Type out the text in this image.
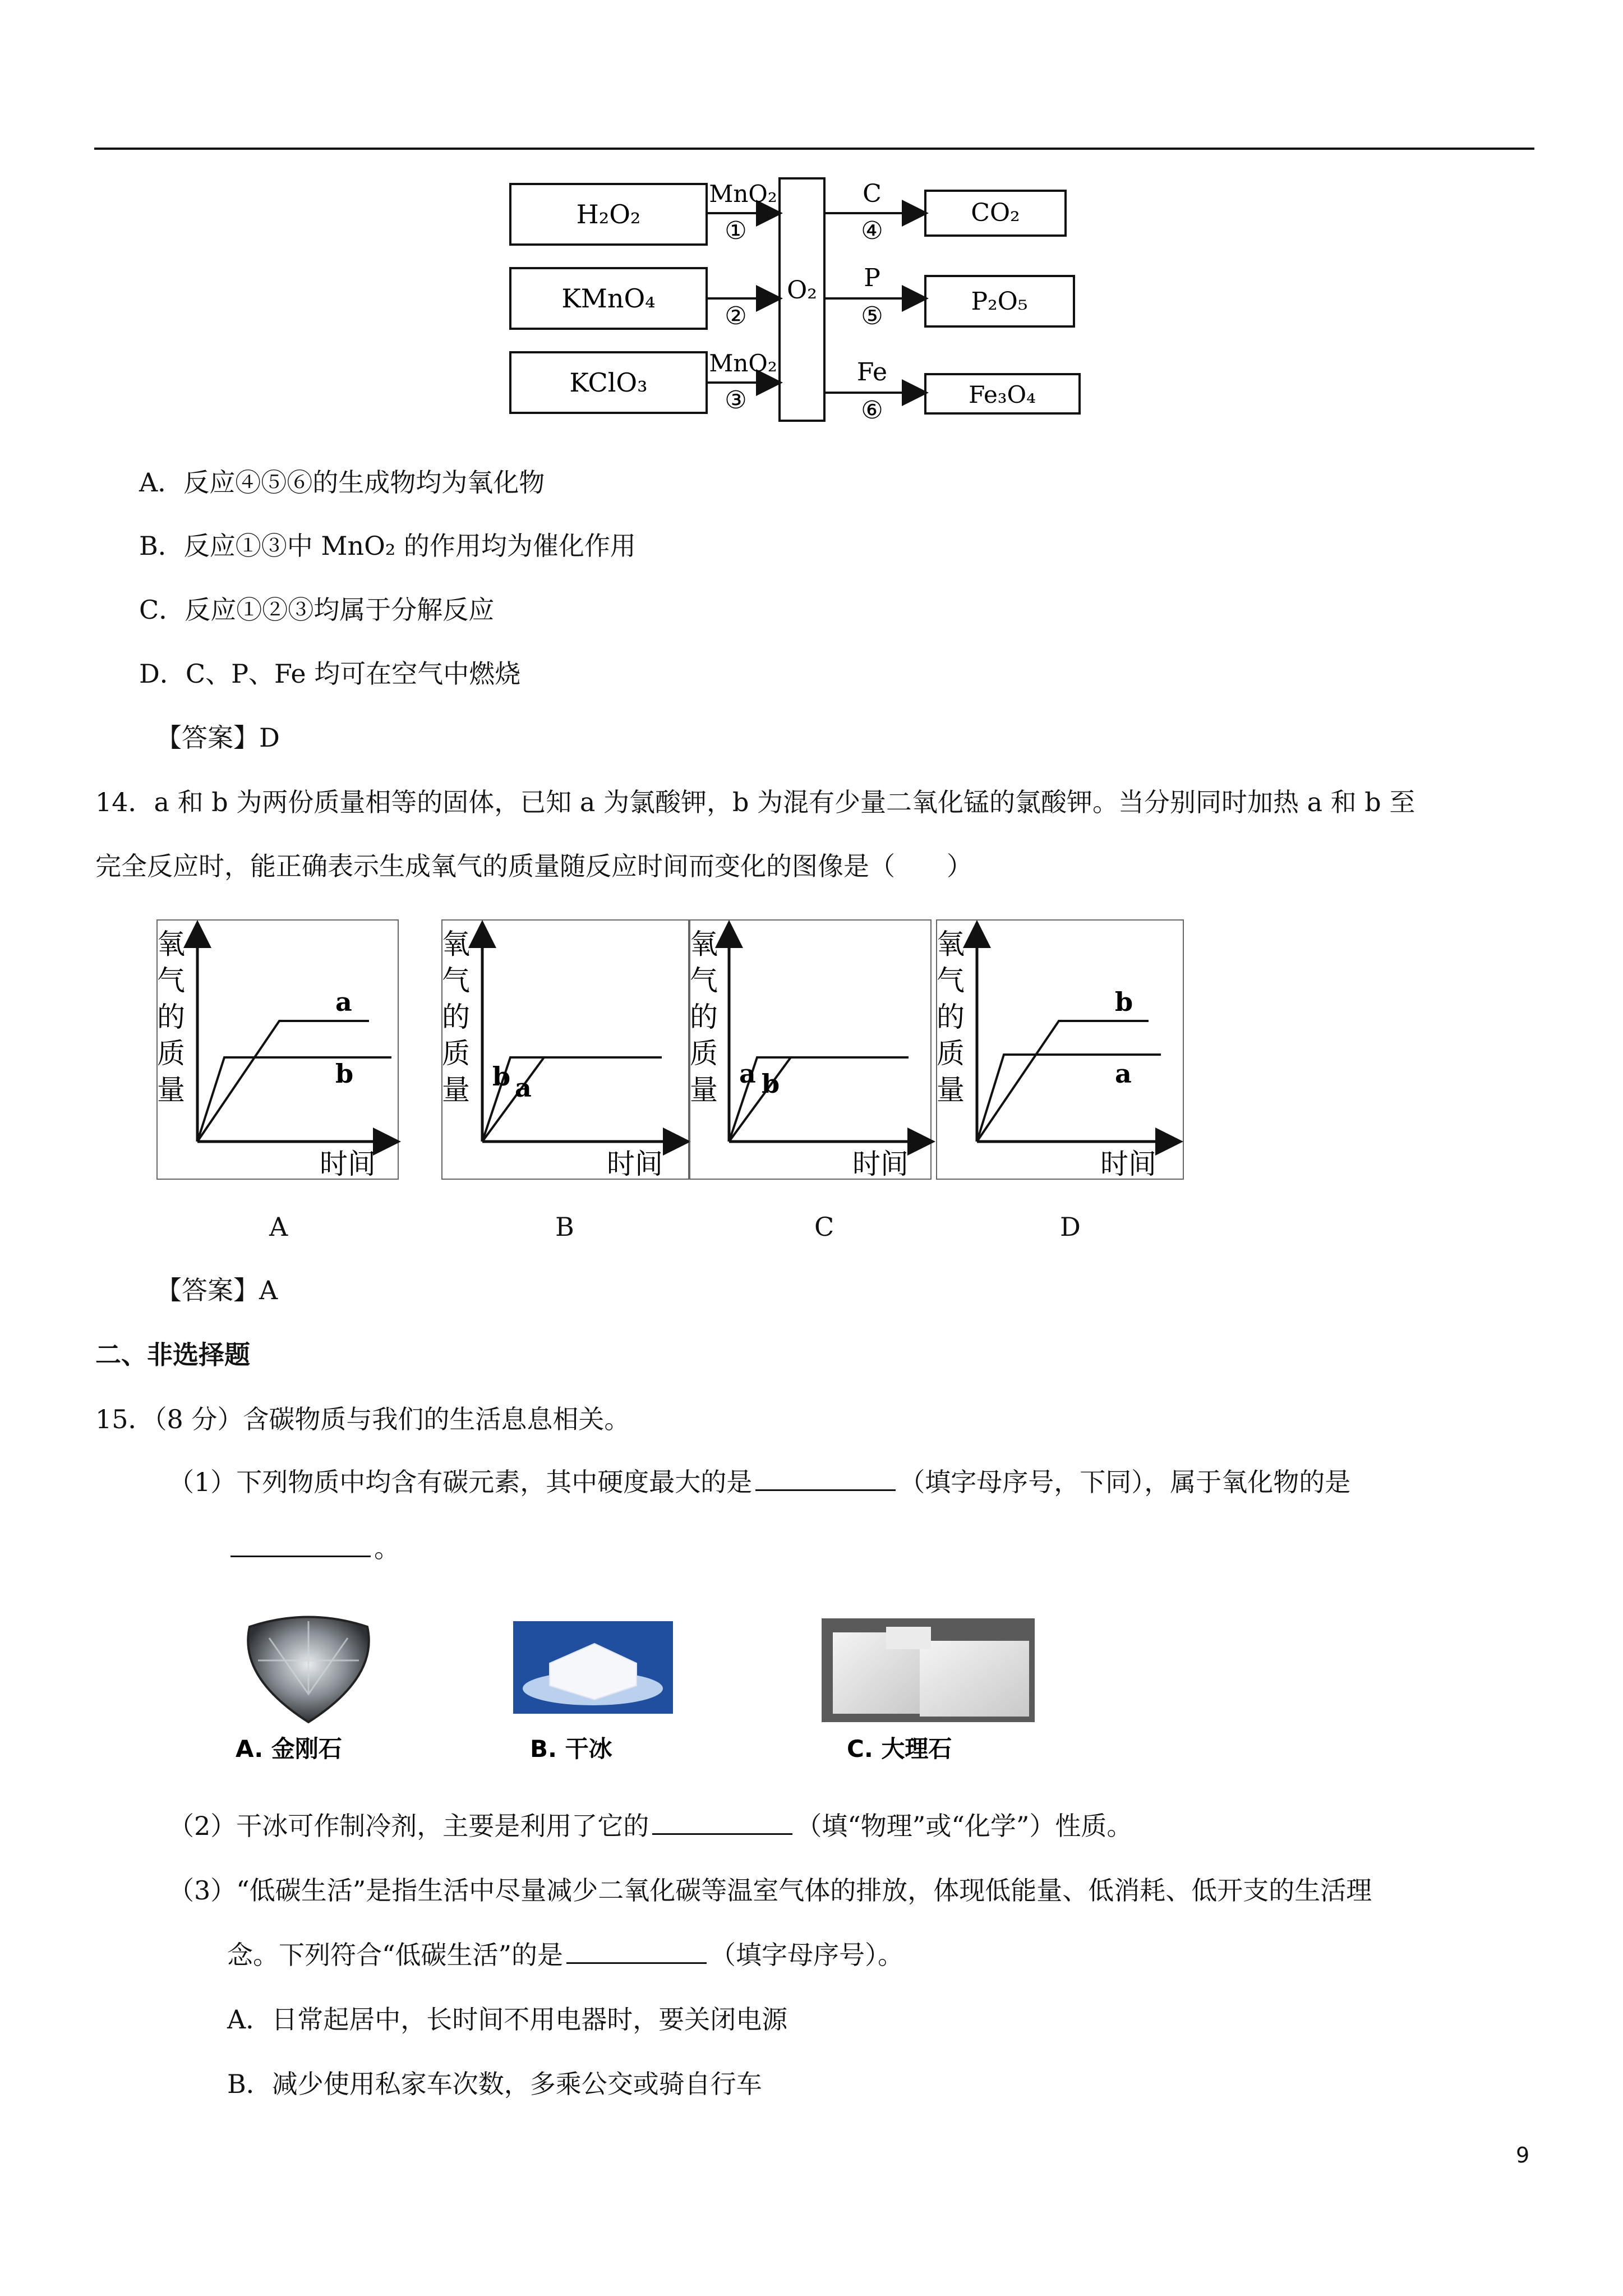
H₂O₂
KMnO₄
KClO₃
MnO₂
①
②
MnO₂
③
O₂
C
④
P
⑤
Fe
⑥
CO₂
P₂O₅
Fe₃O₄
A．反应④⑤⑥的生成物均为氧化物
B．反应①③中 MnO₂ 的作用均为催化作用
C．反应①②③均属于分解反应
D．C、P、Fe 均可在空气中燃烧
【答案】D
14．a 和 b 为两份质量相等的固体，已知 a 为氯酸钾，b 为混有少量二氧化锰的氯酸钾。当分别同时加热 a 和 b 至
完全反应时，能正确表示生成氧气的质量随反应时间而变化的图像是（　　）
氧
气
的
质
量
时间
a
b
氧
气
的
质
量
时间
b a
氧
气
的
质
量
时间
a b
氧
气
的
质
量
时间
b
a
A	B	C	D
【答案】A
二、非选择题
15．（8 分）含碳物质与我们的生活息息相关。
（1）下列物质中均含有碳元素，其中硬度最大的是	（填字母序号，下同），属于氧化物的是
。
A. 金刚石	B. 干冰	C. 大理石
（2）干冰可作制冷剂，主要是利用了它的	（填“物理”或“化学”）性质。
（3）“低碳生活”是指生活中尽量减少二氧化碳等温室气体的排放，体现低能量、低消耗、低开支的生活理
念。下列符合“低碳生活”的是	（填字母序号）。
A．日常起居中，长时间不用电器时，要关闭电源
B．减少使用私家车次数，多乘公交或骑自行车
9
